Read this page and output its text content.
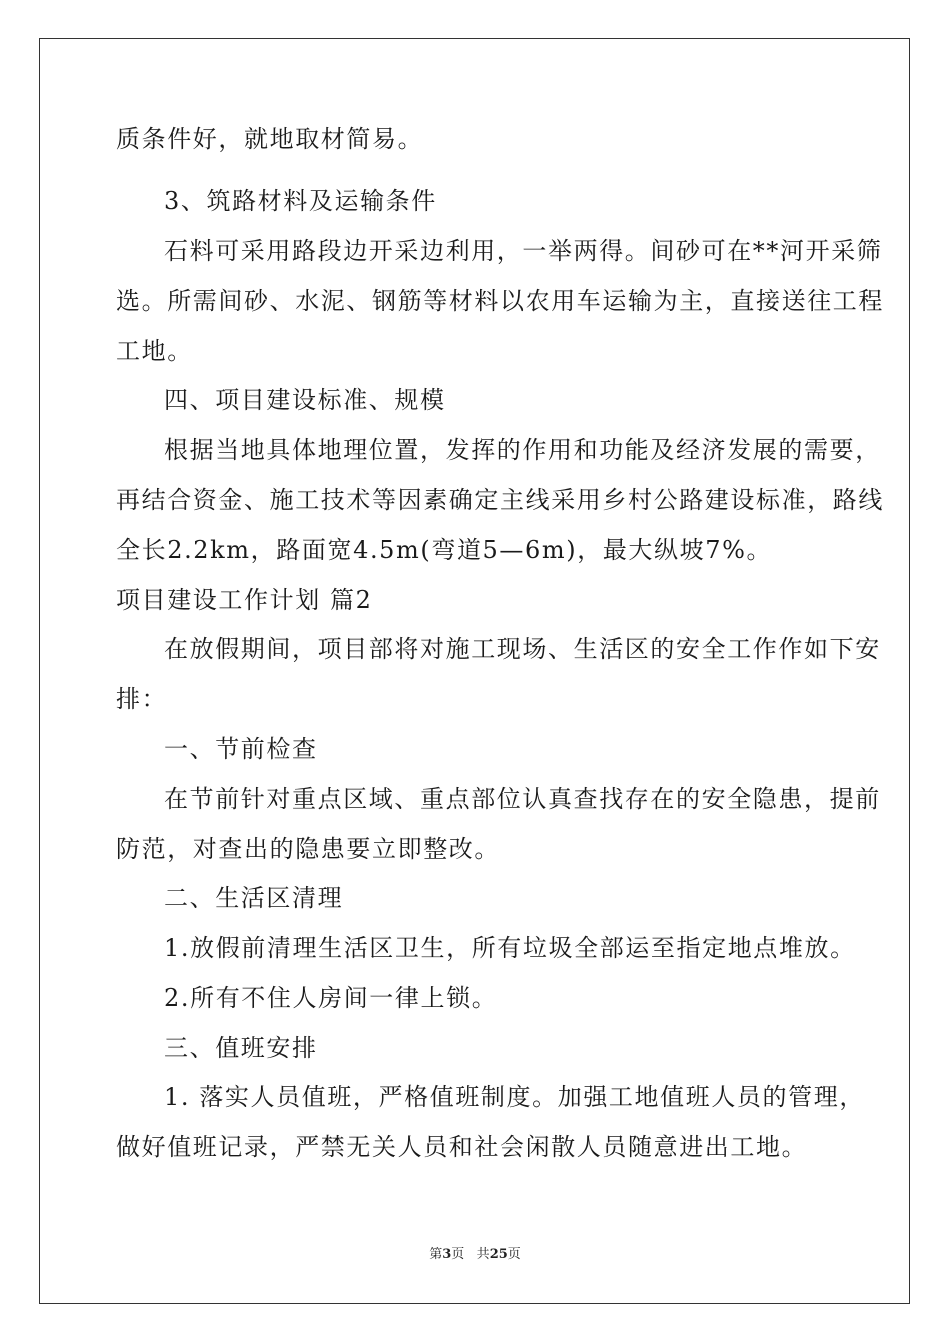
质条件好，就地取材简易。
3、筑路材料及运输条件
石料可采用路段边开采边利用，一举两得。间砂可在**河开采筛
选。所需间砂、水泥、钢筋等材料以农用车运输为主，直接送往工程
工地。
四、项目建设标准、规模
根据当地具体地理位置，发挥的作用和功能及经济发展的需要，
再结合资金、施工技术等因素确定主线采用乡村公路建设标准，路线
全长2.2km，路面宽4.5m(弯道5—6m)，最大纵坡7%。
项目建设工作计划 篇2
在放假期间，项目部将对施工现场、生活区的安全工作作如下安
排：
一、节前检查
在节前针对重点区域、重点部位认真查找存在的安全隐患，提前
防范，对查出的隐患要立即整改。
二、生活区清理
1.放假前清理生活区卫生，所有垃圾全部运至指定地点堆放。
2.所有不住人房间一律上锁。
三、值班安排
1. 落实人员值班，严格值班制度。加强工地值班人员的管理，
做好值班记录，严禁无关人员和社会闲散人员随意进出工地。
第3页 共25页
